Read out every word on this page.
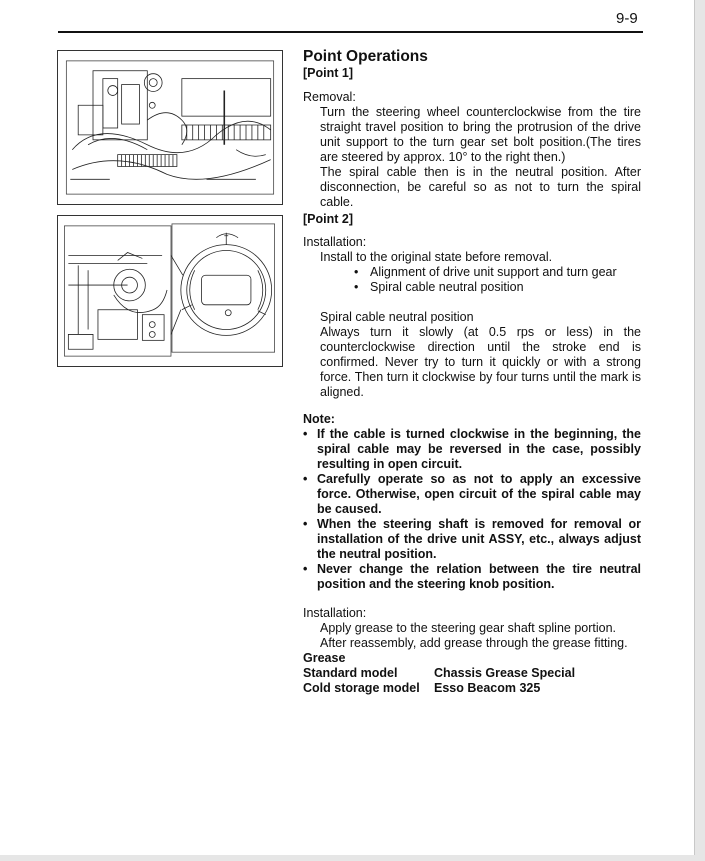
9-9
Point Operations

[Point 1]

Removal:

Turn the steering wheel counterclockwise from the tire straight travel position to bring the protrusion of the drive unit support to the turn gear set bolt position.(The tires are steered by approx. 10° to the right then.)

The spiral cable then is in the neutral position. After disconnection, be careful so as not to turn the spiral cable.

[Point 2]

Installation:

Install to the original state before removal.

• Alignment of drive unit support and turn gear
• Spiral cable neutral position

Spiral cable neutral position

Always turn it slowly (at 0.5 rps or less) in the counterclockwise direction until the stroke end is confirmed. Never try to turn it quickly or with a strong force. Then turn it clockwise by four turns until the mark is aligned.

Note:

• If the cable is turned clockwise in the beginning, the spiral cable may be reversed in the case, possibly resulting in open circuit.
• Carefully operate so as not to apply an excessive force. Otherwise, open circuit of the spiral cable may be caused.
• When the steering shaft is removed for removal or installation of the drive unit ASSY, etc., always adjust the neutral position.
• Never change the relation between the tire neutral position and the steering knob position.

Installation:

Apply grease to the steering gear shaft spline portion.

After reassembly, add grease through the grease fitting.

Grease

Standard model	Chassis Grease Special
Cold storage model	Esso Beacom 325
